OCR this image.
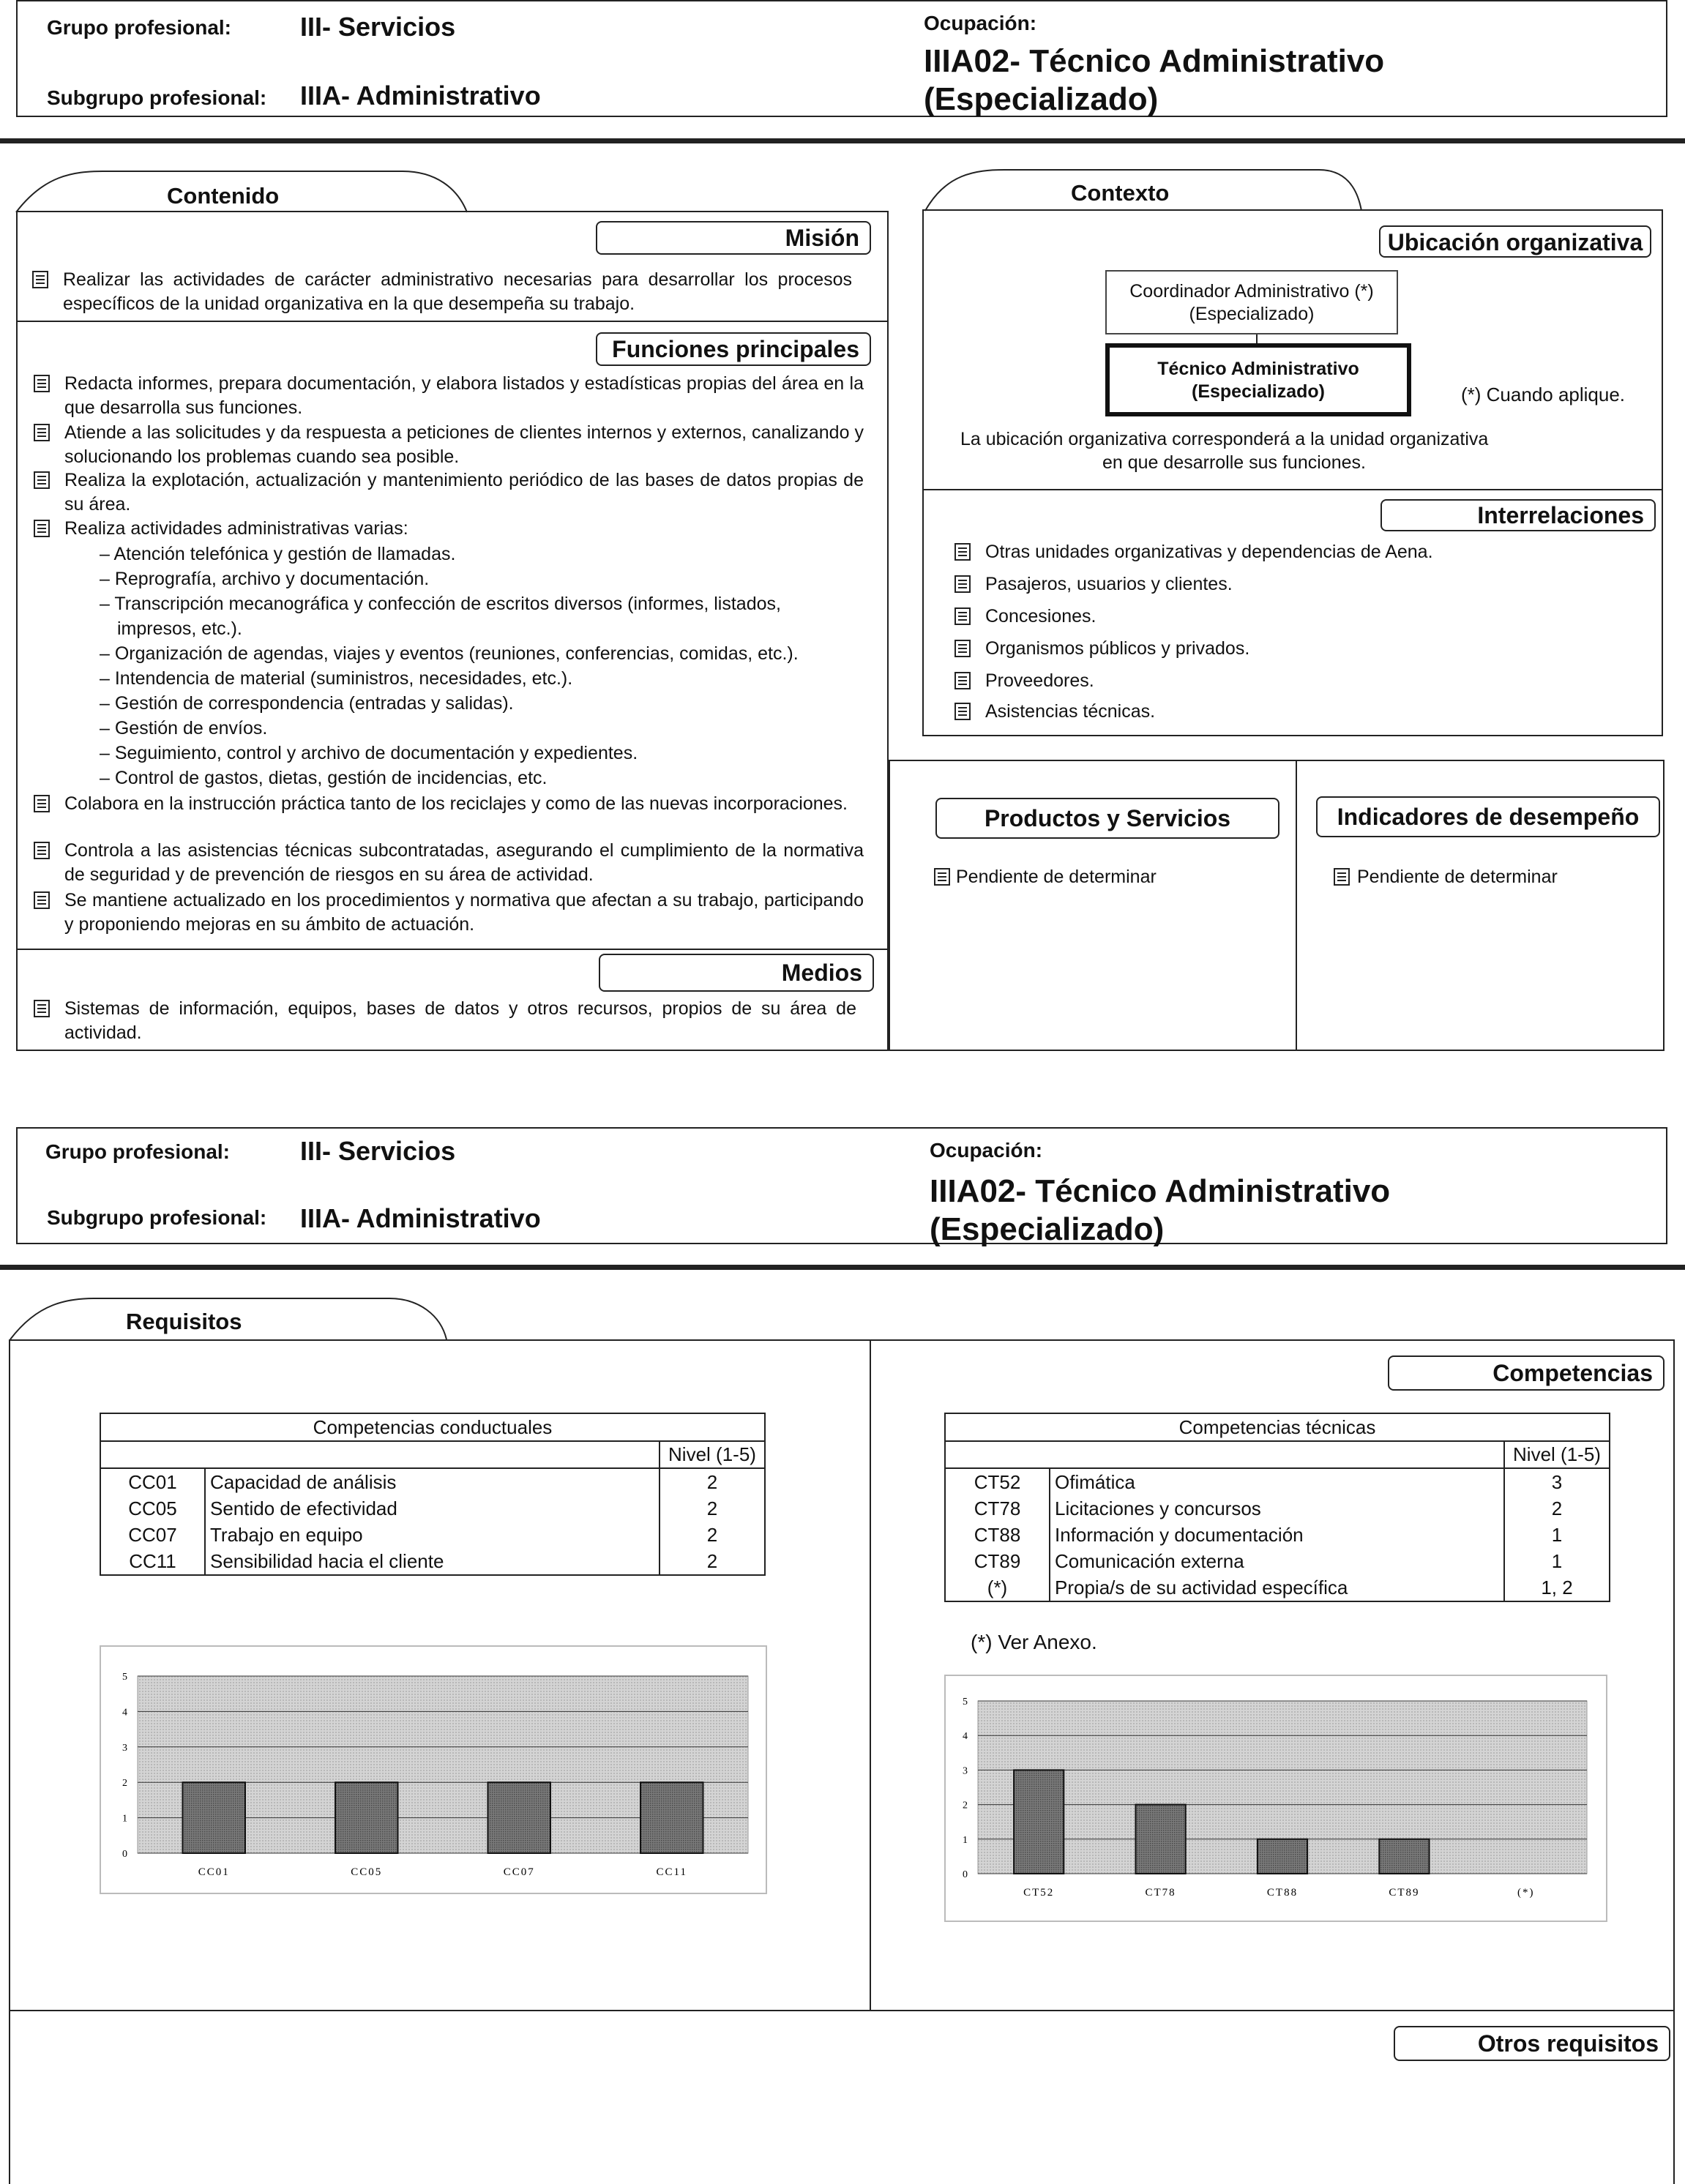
Grupo profesional:	III- Servicios
Subgrupo profesional: IIIA- Administrativo
Ocupación:
IIIA02- Técnico Administrativo
(Especializado)
Contenido
Misión
Realizar las actividades de carácter administrativo necesarias para desarrollar los procesos específicos de la unidad organizativa en la que desempeña su trabajo.
Funciones principales
Redacta informes, prepara documentación, y elabora listados y estadísticas propias del área en la que desarrolla sus funciones.
Atiende a las solicitudes y da respuesta a peticiones de clientes internos y externos, canalizando y solucionando los problemas cuando sea posible.
Realiza la explotación, actualización y mantenimiento periódico de las bases de datos propias de su área.
Realiza actividades administrativas varias:
– Atención telefónica y gestión de llamadas.
– Reprografía, archivo y documentación.
– Transcripción mecanográfica y confección de escritos diversos (informes, listados,
impresos, etc.).
– Organización de agendas, viajes y eventos (reuniones, conferencias, comidas, etc.).
– Intendencia de material (suministros, necesidades, etc.).
– Gestión de correspondencia (entradas y salidas).
– Gestión de envíos.
– Seguimiento, control y archivo de documentación y expedientes.
– Control de gastos, dietas, gestión de incidencias, etc.
Colabora en la instrucción práctica tanto de los reciclajes y como de las nuevas incorporaciones.
Controla a las asistencias técnicas subcontratadas, asegurando el cumplimiento de la normativa de seguridad y de prevención de riesgos en su área de actividad.
Se mantiene actualizado en los procedimientos y normativa que afectan a su trabajo, participando y proponiendo mejoras en su ámbito de actuación.
Medios
Sistemas de información, equipos, bases de datos y otros recursos, propios de su área de actividad.
Contexto
Ubicación organizativa
Coordinador Administrativo (*)
(Especializado)
Técnico Administrativo
(Especializado)	(*) Cuando aplique.
La ubicación organizativa corresponderá a la unidad organizativa
en que desarrolle sus funciones.
Interrelaciones
Otras unidades organizativas y dependencias de Aena.
Pasajeros, usuarios y clientes.
Concesiones.
Organismos públicos y privados.
Proveedores.
Asistencias técnicas.
Productos y Servicios	Indicadores de desempeño
Pendiente de determinar	Pendiente de determinar
Grupo profesional:	III- Servicios
Subgrupo profesional: IIIA- Administrativo
Ocupación:
IIIA02- Técnico Administrativo
(Especializado)
Requisitos
Competencias
Otros requisitos
Competencias conductuales		
		Nivel (1-5)
CC01	Capacidad de análisis	2
CC05	Sentido de efectividad	2
CC07	Trabajo en equipo	2
CC11	Sensibilidad hacia el cliente	2
Competencias técnicas		
		Nivel (1-5)
CT52	Ofimática	3
CT78	Licitaciones y concursos	2
CT88	Información y documentación	1
CT89	Comunicación externa	1
(*)	Propia/s de su actividad específica	1, 2
(*) Ver Anexo.
0
1
2
3
4
5
CC01	CC05	CC07	CC11	0
1
2
3
4
5
CT52	CT78	CT88	CT89	(*)
